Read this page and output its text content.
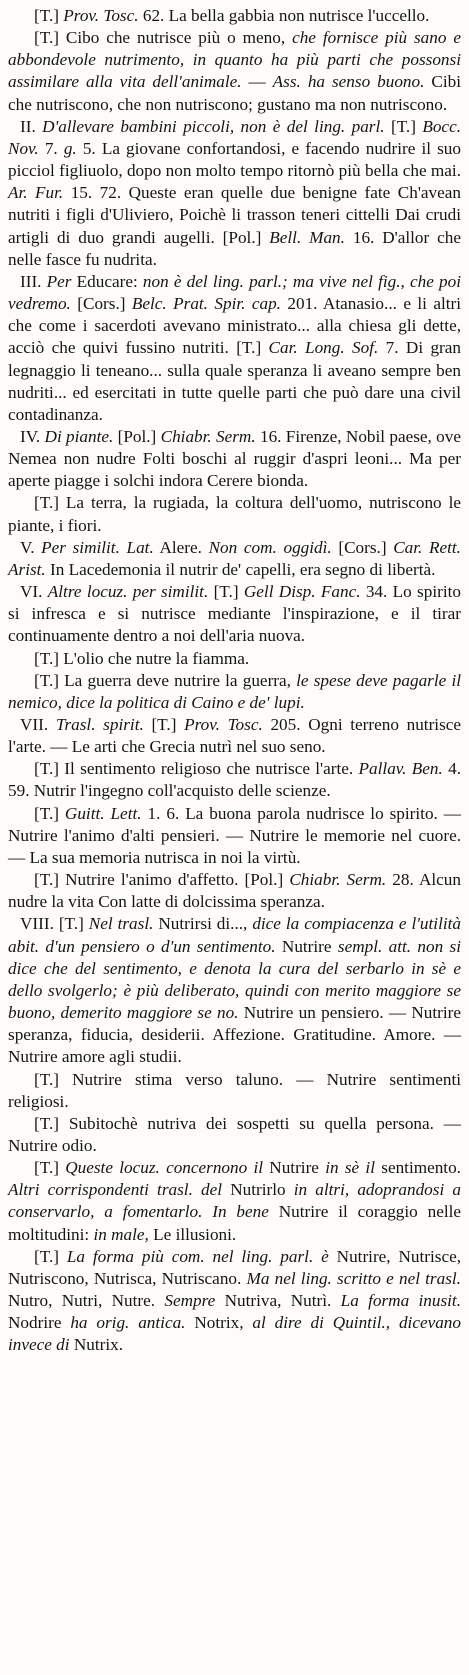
[T.] Prov. Tosc. 62. La bella gabbia non nutrisce l'uccello.

[T.] Cibo che nutrisce più o meno, che fornisce più sano e abbondevole nutrimento, in quanto ha più parti che possonsi assimilare alla vita dell'animale. — Ass. ha senso buono. Cibi che nutriscono, che non nutriscono; gustano ma non nutriscono.

II. D'allevare bambini piccoli, non è del ling. parl. [T.] Bocc. Nov. 7. g. 5. La giovane confortandosi, e facendo nudrire il suo picciol figliuolo, dopo non molto tempo ritornò più bella che mai. Ar. Fur. 15. 72. Queste eran quelle due benigne fate Ch'avean nutriti i figli d'Uliviero, Poichè li trasson teneri cittelli Dai crudi artigli di duo grandi augelli. [Pol.] Bell. Man. 16. D'allor che nelle fasce fu nudrita.

III. Per Educare: non è del ling. parl.; ma vive nel fig., che poi vedremo. [Cors.] Belc. Prat. Spir. cap. 201. Atanasio... e li altri che come i sacerdoti avevano ministrato... alla chiesa gli dette, acciò che quivi fussino nutriti. [T.] Car. Long. Sof. 7. Di gran legnaggio li teneano... sulla quale speranza li aveano sempre ben nudriti... ed esercitati in tutte quelle parti che può dare una civil contadinanza.

IV. Di piante. [Pol.] Chiabr. Serm. 16. Firenze, Nobil paese, ove Nemea non nudre Folti boschi al ruggir d'aspri leoni... Ma per aperte piagge i solchi indora Cerere bionda.

[T.] La terra, la rugiada, la coltura dell'uomo, nutriscono le piante, i fiori.

V. Per similit. Lat. Alere. Non com. oggidì. [Cors.] Car. Rett. Arist. In Lacedemonia il nutrir de' capelli, era segno di libertà.

VI. Altre locuz. per similit. [T.] Gell Disp. Fanc. 34. Lo spirito si infresca e si nutrisce mediante l'inspirazione, e il tirar continuamente dentro a noi dell'aria nuova.

[T.] L'olio che nutre la fiamma.

[T.] La guerra deve nutrire la guerra, le spese deve pagarle il nemico, dice la politica di Caino e de' lupi.

VII. Trasl. spirit. [T.] Prov. Tosc. 205. Ogni terreno nutrisce l'arte. — Le arti che Grecia nutrì nel suo seno.

[T.] Il sentimento religioso che nutrisce l'arte. Pallav. Ben. 4. 59. Nutrir l'ingegno coll'acquisto delle scienze.

[T.] Guitt. Lett. 1. 6. La buona parola nudrisce lo spirito. — Nutrire l'animo d'alti pensieri. — Nutrire le memorie nel cuore. — La sua memoria nutrisca in noi la virtù.

[T.] Nutrire l'animo d'affetto. [Pol.] Chiabr. Serm. 28. Alcun nudre la vita Con latte di dolcissima speranza.

VIII. [T.] Nel trasl. Nutrirsi di..., dice la compiacenza e l'utilità abit. d'un pensiero o d'un sentimento. Nutrire sempl. att. non si dice che del sentimento, e denota la cura del serbarlo in sè e dello svolgerlo; è più deliberato, quindi con merito maggiore se buono, demerito maggiore se no. Nutrire un pensiero. — Nutrire speranza, fiducia, desiderii. Affezione. Gratitudine. Amore. — Nutrire amore agli studii.

[T.] Nutrire stima verso taluno. — Nutrire sentimenti religiosi.

[T.] Subitochè nutriva dei sospetti su quella persona. — Nutrire odio.

[T.] Queste locuz. concernono il Nutrire in sè il sentimento. Altri corrispondenti trasl. del Nutrirlo in altri, adoprandosi a conservarlo, a fomentarlo. In bene Nutrire il coraggio nelle moltitudini: in male, Le illusioni.

[T.] La forma più com. nel ling. parl. è Nutrire, Nutrisce, Nutriscono, Nutrisca, Nutriscano. Ma nel ling. scritto e nel trasl. Nutro, Nutri, Nutre. Sempre Nutriva, Nutrì. La forma inusit. Nodrire ha orig. antica. Notrix, al dire di Quintil., dicevano invece di Nutrix.
